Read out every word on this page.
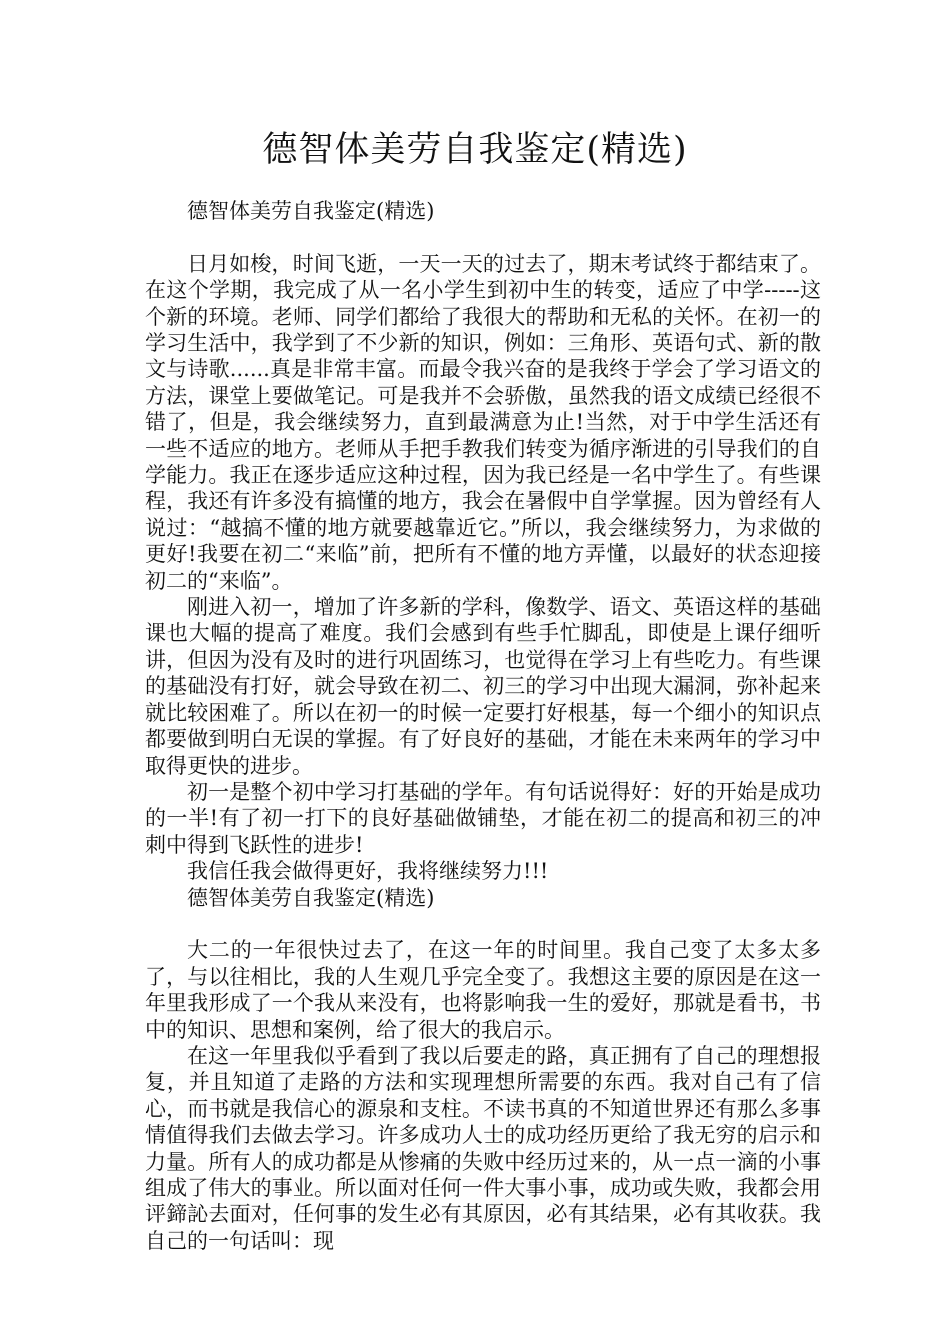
德智体美劳自我鉴定(精选)

德智体美劳自我鉴定(精选)

日月如梭，时间飞逝，一天一天的过去了，期末考试终于都结束了。在这个学期，我完成了从一名小学生到初中生的转变，适应了中学-----这个新的环境。老师、同学们都给了我很大的帮助和无私的关怀。在初一的学习生活中，我学到了不少新的知识，例如：三角形、英语句式、新的散文与诗歌......真是非常丰富。而最令我兴奋的是我终于学会了学习语文的方法，课堂上要做笔记。可是我并不会骄傲，虽然我的语文成绩已经很不错了，但是，我会继续努力，直到最满意为止!当然，对于中学生活还有一些不适应的地方。老师从手把手教我们转变为循序渐进的引导我们的自学能力。我正在逐步适应这种过程，因为我已经是一名中学生了。有些课程，我还有许多没有搞懂的地方，我会在暑假中自学掌握。因为曾经有人说过：“越搞不懂的地方就要越靠近它。”所以，我会继续努力，为求做的更好!我要在初二“来临”前，把所有不懂的地方弄懂，以最好的状态迎接初二的“来临”。

刚进入初一，增加了许多新的学科，像数学、语文、英语这样的基础课也大幅的提高了难度。我们会感到有些手忙脚乱，即使是上课仔细听讲，但因为没有及时的进行巩固练习，也觉得在学习上有些吃力。有些课的基础没有打好，就会导致在初二、初三的学习中出现大漏洞，弥补起来就比较困难了。所以在初一的时候一定要打好根基，每一个细小的知识点都要做到明白无误的掌握。有了好良好的基础，才能在未来两年的学习中取得更快的进步。

初一是整个初中学习打基础的学年。有句话说得好：好的开始是成功的一半!有了初一打下的良好基础做铺垫，才能在初二的提高和初三的冲刺中得到飞跃性的进步!

我信任我会做得更好，我将继续努力!!!

德智体美劳自我鉴定(精选)

大二的一年很快过去了，在这一年的时间里。我自己变了太多太多了，与以往相比，我的人生观几乎完全变了。我想这主要的原因是在这一年里我形成了一个我从来没有，也将影响我一生的爱好，那就是看书，书中的知识、思想和案例，给了很大的我启示。

在这一年里我似乎看到了我以后要走的路，真正拥有了自己的理想报复，并且知道了走路的方法和实现理想所需要的东西。我对自己有了信心，而书就是我信心的源泉和支柱。不读书真的不知道世界还有那么多事情值得我们去做去学习。许多成功人士的成功经历更给了我无穷的启示和力量。所有人的成功都是从惨痛的失败中经历过来的，从一点一滴的小事组成了伟大的事业。所以面对任何一件大事小事，成功或失败，我都会用评鍗訫去面对，任何事的发生必有其原因，必有其结果，必有其收获。我自己的一句话叫：现
